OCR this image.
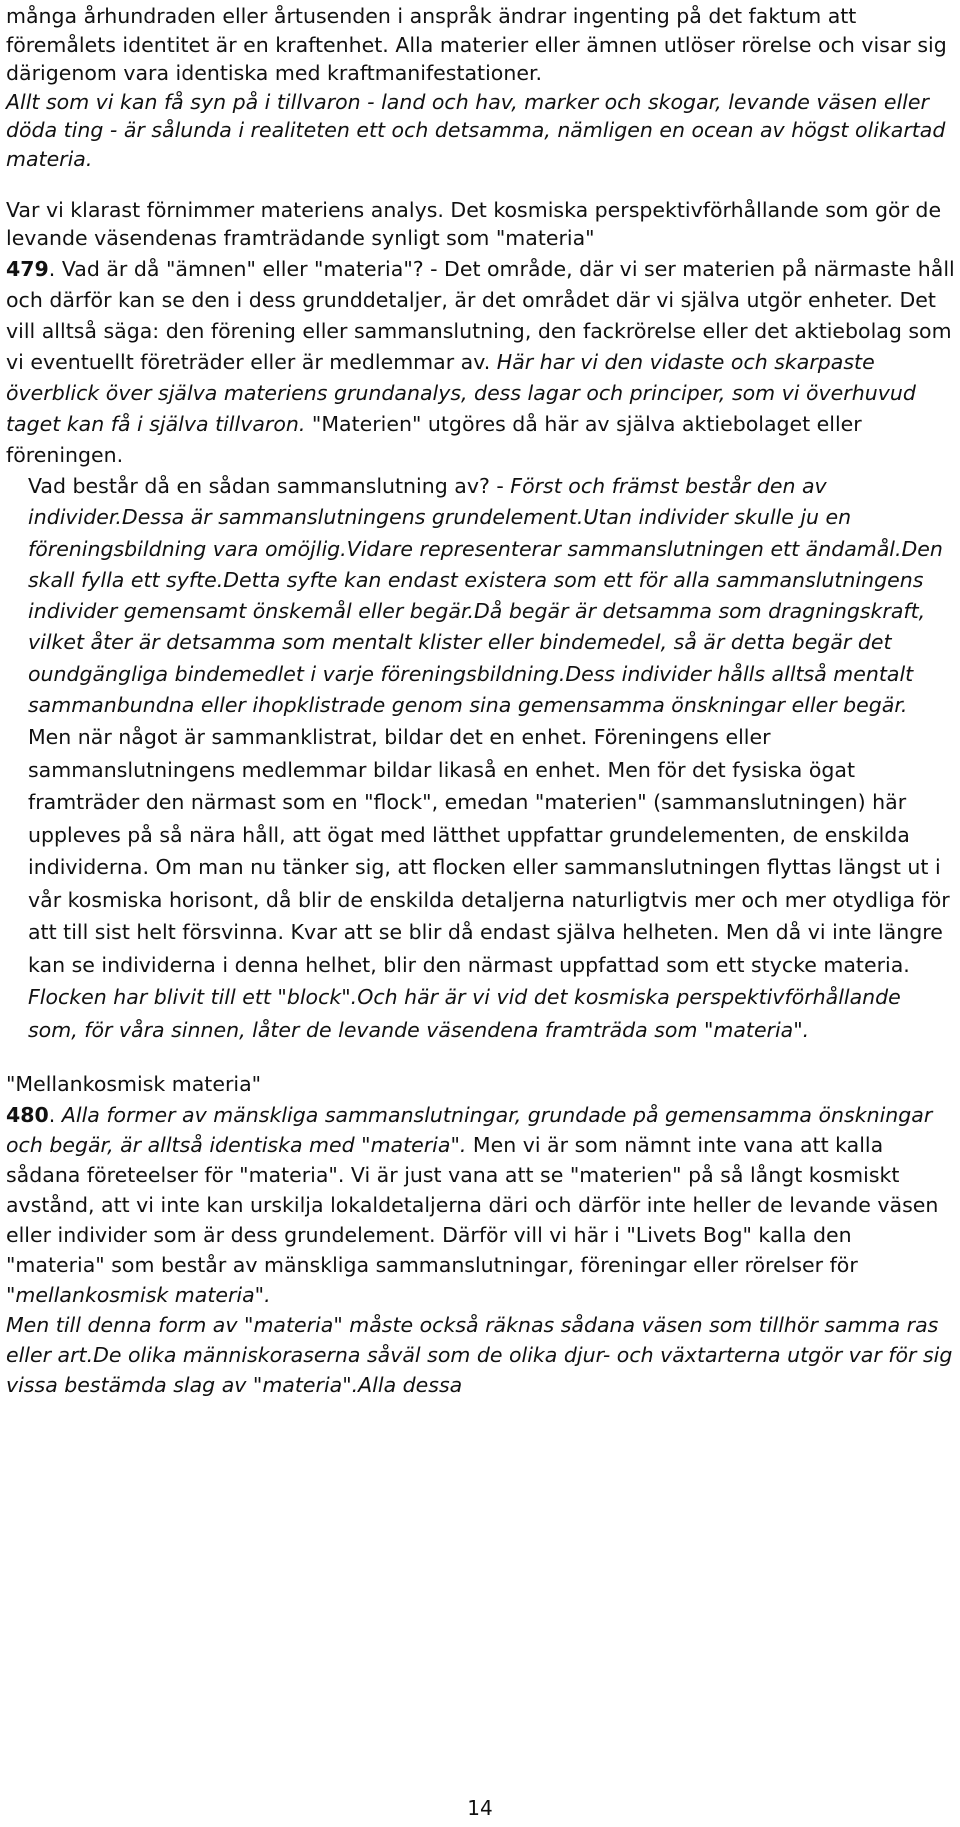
många århundraden eller årtusenden i anspråk ändrar ingenting på det faktum att föremålets identitet är en kraftenhet. Alla materier eller ämnen utlöser rörelse och visar sig därigenom vara identiska med kraftmanifestationer.
Allt som vi kan få syn på i tillvaron - land och hav, marker och skogar, levande väsen eller döda ting - är sålunda i realiteten ett och detsamma, nämligen en ocean av högst olikartad materia.

Var vi klarast förnimmer materiens analys. Det kosmiska perspektivförhållande som gör de levande väsendenas framträdande synligt som "materia"

479. Vad är då "ämnen" eller "materia"? - Det område, där vi ser materien på närmaste håll och därför kan se den i dess grunddetaljer, är det området där vi själva utgör enheter. Det vill alltså säga: den förening eller sammanslutning, den fackrörelse eller det aktiebolag som vi eventuellt företräder eller är medlemmar av. Här har vi den vidaste och skarpaste överblick över själva materiens grundanalys, dess lagar och principer, som vi överhuvud taget kan få i själva tillvaron. "Materien" utgöres då här av själva aktiebolaget eller föreningen.

Vad består då en sådan sammanslutning av? - Först och främst består den av individer.Dessa är sammanslutningens grundelement.Utan individer skulle ju en föreningsbildning vara omöjlig.Vidare representerar sammanslutningen ett ändamål.Den skall fylla ett syfte.Detta syfte kan endast existera som ett för alla sammanslutningens individer gemensamt önskemål eller begär.Då begär är detsamma som dragningskraft, vilket åter är detsamma som mentalt klister eller bindemedel, så är detta begär det oundgängliga bindemedlet i varje föreningsbildning.Dess individer hålls alltså mentalt sammanbundna eller ihopklistrade genom sina gemensamma önskningar eller begär.

Men när något är sammanklistrat, bildar det en enhet. Föreningens eller sammanslutningens medlemmar bildar likaså en enhet. Men för det fysiska ögat framträder den närmast som en "flock", emedan "materien" (sammanslutningen) här uppleves på så nära håll, att ögat med lätthet uppfattar grundelementen, de enskilda individerna. Om man nu tänker sig, att flocken eller sammanslutningen flyttas längst ut i vår kosmiska horisont, då blir de enskilda detaljerna naturligtvis mer och mer otydliga för att till sist helt försvinna. Kvar att se blir då endast själva helheten. Men då vi inte längre kan se individerna i denna helhet, blir den närmast uppfattad som ett stycke materia. Flocken har blivit till ett "block".Och här är vi vid det kosmiska perspektivförhållande som, för våra sinnen, låter de levande väsendena framträda som "materia".

"Mellankosmisk materia"

480. Alla former av mänskliga sammanslutningar, grundade på gemensamma önskningar och begär, är alltså identiska med "materia". Men vi är som nämnt inte vana att kalla sådana företeelser för "materia". Vi är just vana att se "materien" på så långt kosmiskt avstånd, att vi inte kan urskilja lokaldetaljerna däri och därför inte heller de levande väsen eller individer som är dess grundelement. Därför vill vi här i "Livets Bog" kalla den "materia" som består av mänskliga sammanslutningar, föreningar eller rörelser för "mellankosmisk materia".

Men till denna form av "materia" måste också räknas sådana väsen som tillhör samma ras eller art.De olika människoraserna såväl som de olika djur- och växtarterna utgör var för sig vissa bestämda slag av "materia".Alla dessa

14
